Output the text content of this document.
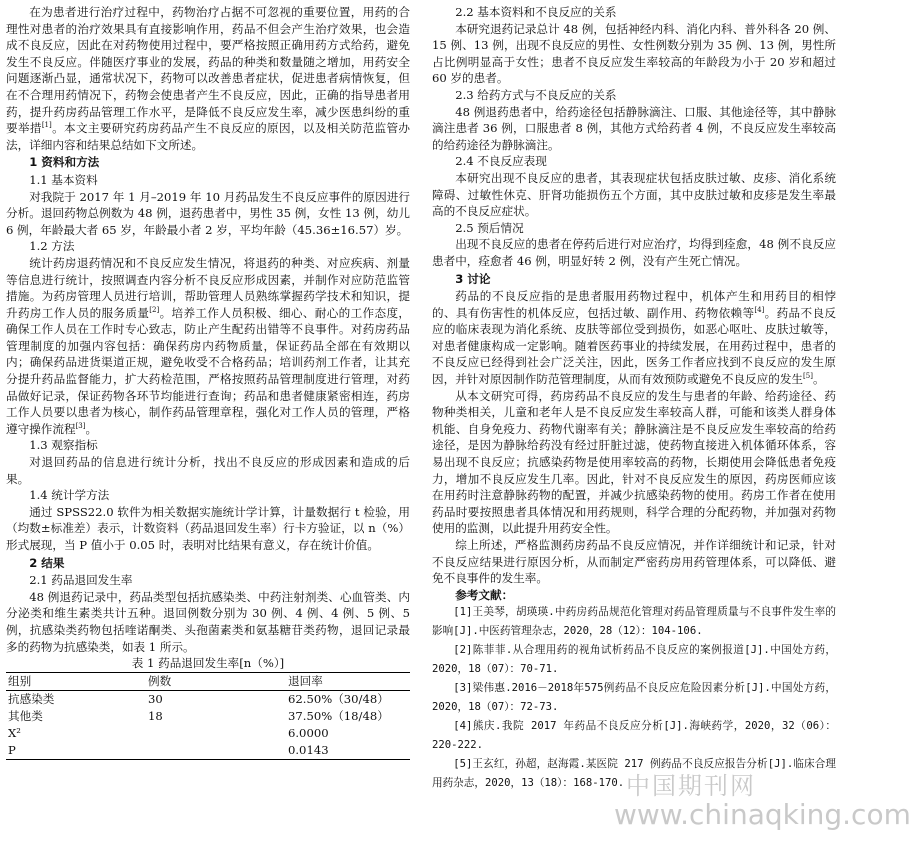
在为患者进行治疗过程中，药物治疗占据不可忽视的重要位置，用药的合理性对患者的治疗效果具有直接影响作用，药品不但会产生治疗效果，也会造成不良反应，因此在对药物使用过程中，要严格按照正确用药方式给药，避免发生不良反应。伴随医疗事业的发展，药品的种类和数量随之增加，用药安全问题逐渐凸显，通常状况下，药物可以改善患者症状，促进患者病情恢复，但在不合理用药情况下，药物会使患者产生不良反应，因此，正确的指导患者用药，提升药房药品管理工作水平，是降低不良反应发生率，减少医患纠纷的重要举措[1]。本文主要研究药房药品产生不良反应的原因，以及相关防范监管办法，详细内容和结果总结如下文所述。

1 资料和方法

1.1 基本资料

对我院于 2017 年 1 月–2019 年 10 月药品发生不良反应事件的原因进行分析。退回药物总例数为 48 例，退药患者中，男性 35 例，女性 13 例，幼儿 6 例，年龄最大者 65 岁，年龄最小者 2 岁，平均年龄（45.36±16.57）岁。

1.2 方法

统计药房退药情况和不良反应发生情况，将退药的种类、对应疾病、剂量等信息进行统计，按照调查内容分析不良反应形成因素，并制作对应防范监管措施。为药房管理人员进行培训，帮助管理人员熟练掌握药学技术和知识，提升药房工作人员的服务质量[2]。培养工作人员积极、细心、耐心的工作态度，确保工作人员在工作时专心致志，防止产生配药出错等不良事件。对药房药品管理制度的加强内容包括：确保药房内药物质量，保证药品全部在有效期以内；确保药品进货渠道正规，避免收受不合格药品；培训药剂工作者，让其充分提升药品监督能力，扩大药检范围，严格按照药品管理制度进行管理，对药品做好记录，保证药物各环节均能进行查询；药品和患者健康紧密相连，药房工作人员要以患者为核心，制作药品管理章程，强化对工作人员的管理，严格遵守操作流程[3]。

1.3 观察指标

对退回药品的信息进行统计分析，找出不良反应的形成因素和造成的后果。

1.4 统计学方法

通过 SPSS22.0 软件为相关数据实施统计学计算，计量数据行 t 检验，用（均数±标准差）表示，计数资料（药品退回发生率）行卡方验证，以 n（%）形式展现，当 P 值小于 0.05 时，表明对比结果有意义，存在统计价值。

2 结果

2.1 药品退回发生率

48 例退药记录中，药品类型包括抗感染类、中药注射剂类、心血管类、内分泌类和维生素类共计五种。退回例数分别为 30 例、4 例、4 例、5 例、5 例，抗感染类药物包括喹诺酮类、头孢菌素类和氨基糖苷类药物，退回记录最多的药物为抗感染类，如表 1 所示。

表 1 药品退回发生率[n（%）]

组别	例数	退回率
抗感染类	30	62.50%（30/48）
其他类	18	37.50%（18/48）
X²		6.0000
P		0.0143

2.2 基本资料和不良反应的关系

本研究退药记录总计 48 例，包括神经内科、消化内科、普外科各 20 例、15 例、13 例，出现不良反应的男性、女性例数分别为 35 例、13 例，男性所占比例明显高于女性；患者不良反应发生率较高的年龄段为小于 20 岁和超过 60 岁的患者。

2.3 给药方式与不良反应的关系

48 例退药患者中，给药途径包括静脉滴注、口服、其他途径等，其中静脉滴注患者 36 例，口服患者 8 例，其他方式给药者 4 例，不良反应发生率较高的给药途径为静脉滴注。

2.4 不良反应表现

本研究出现不良反应的患者，其表现症状包括皮肤过敏、皮疹、消化系统障碍、过敏性休克、肝肾功能损伤五个方面，其中皮肤过敏和皮疹是发生率最高的不良反应症状。

2.5 预后情况

出现不良反应的患者在停药后进行对应治疗，均得到痊愈，48 例不良反应患者中，痊愈者 46 例，明显好转 2 例，没有产生死亡情况。

3 讨论

药品的不良反应指的是患者服用药物过程中，机体产生和用药目的相悖的、具有伤害性的机体反应，包括过敏、副作用、药物依赖等[4]。药品不良反应的临床表现为消化系统、皮肤等部位受到损伤，如恶心呕吐、皮肤过敏等，对患者健康构成一定影响。随着医药事业的持续发展，在用药过程中，患者的不良反应已经得到社会广泛关注，因此，医务工作者应找到不良反应的发生原因，并针对原因制作防范管理制度，从而有效预防或避免不良反应的发生[5]。

从本文研究可得，药房药品不良反应的发生与患者的年龄、给药途径、药物种类相关，儿童和老年人是不良反应发生率较高人群，可能和该类人群身体机能、自身免疫力、药物代谢率有关；静脉滴注是不良反应发生率较高的给药途径，是因为静脉给药没有经过肝脏过滤，使药物直接进入机体循环体系，容易出现不良反应；抗感染药物是使用率较高的药物，长期使用会降低患者免疫力，增加不良反应发生几率。因此，针对不良反应发生的原因，药房医师应该在用药时注意静脉药物的配置，并减少抗感染药物的使用。药房工作者在使用药品时要按照患者具体情况和用药规则，科学合理的分配药物，并加强对药物使用的监测，以此提升用药安全性。

综上所述，严格监测药房药品不良反应情况，并作详细统计和记录，针对不良反应结果进行原因分析，从而制定严密药房用药管理体系，可以降低、避免不良事件的发生率。

参考文献：

[1]王美琴，胡瑛瑛.中药房药品规范化管理对药品管理质量与不良事件发生率的影响[J].中医药管理杂志，2020，28（12）：104-106.

[2]陈菲菲.从合理用药的视角试析药品不良反应的案例报道[J].中国处方药，2020，18（07）：70-71.

[3]梁伟惠.2016－2018年575例药品不良反应危险因素分析[J].中国处方药，2020，18（07）：72-73.

[4]熊庆.我院 2017 年药品不良反应分析[J].海峡药学，2020，32（06）：220-222.

[5]王玄红，孙超，赵海霞.某医院 217 例药品不良反应报告分析[J].临床合理用药杂志，2020，13（18）：168-170. 中国期刊网
www.chinaqking.com
